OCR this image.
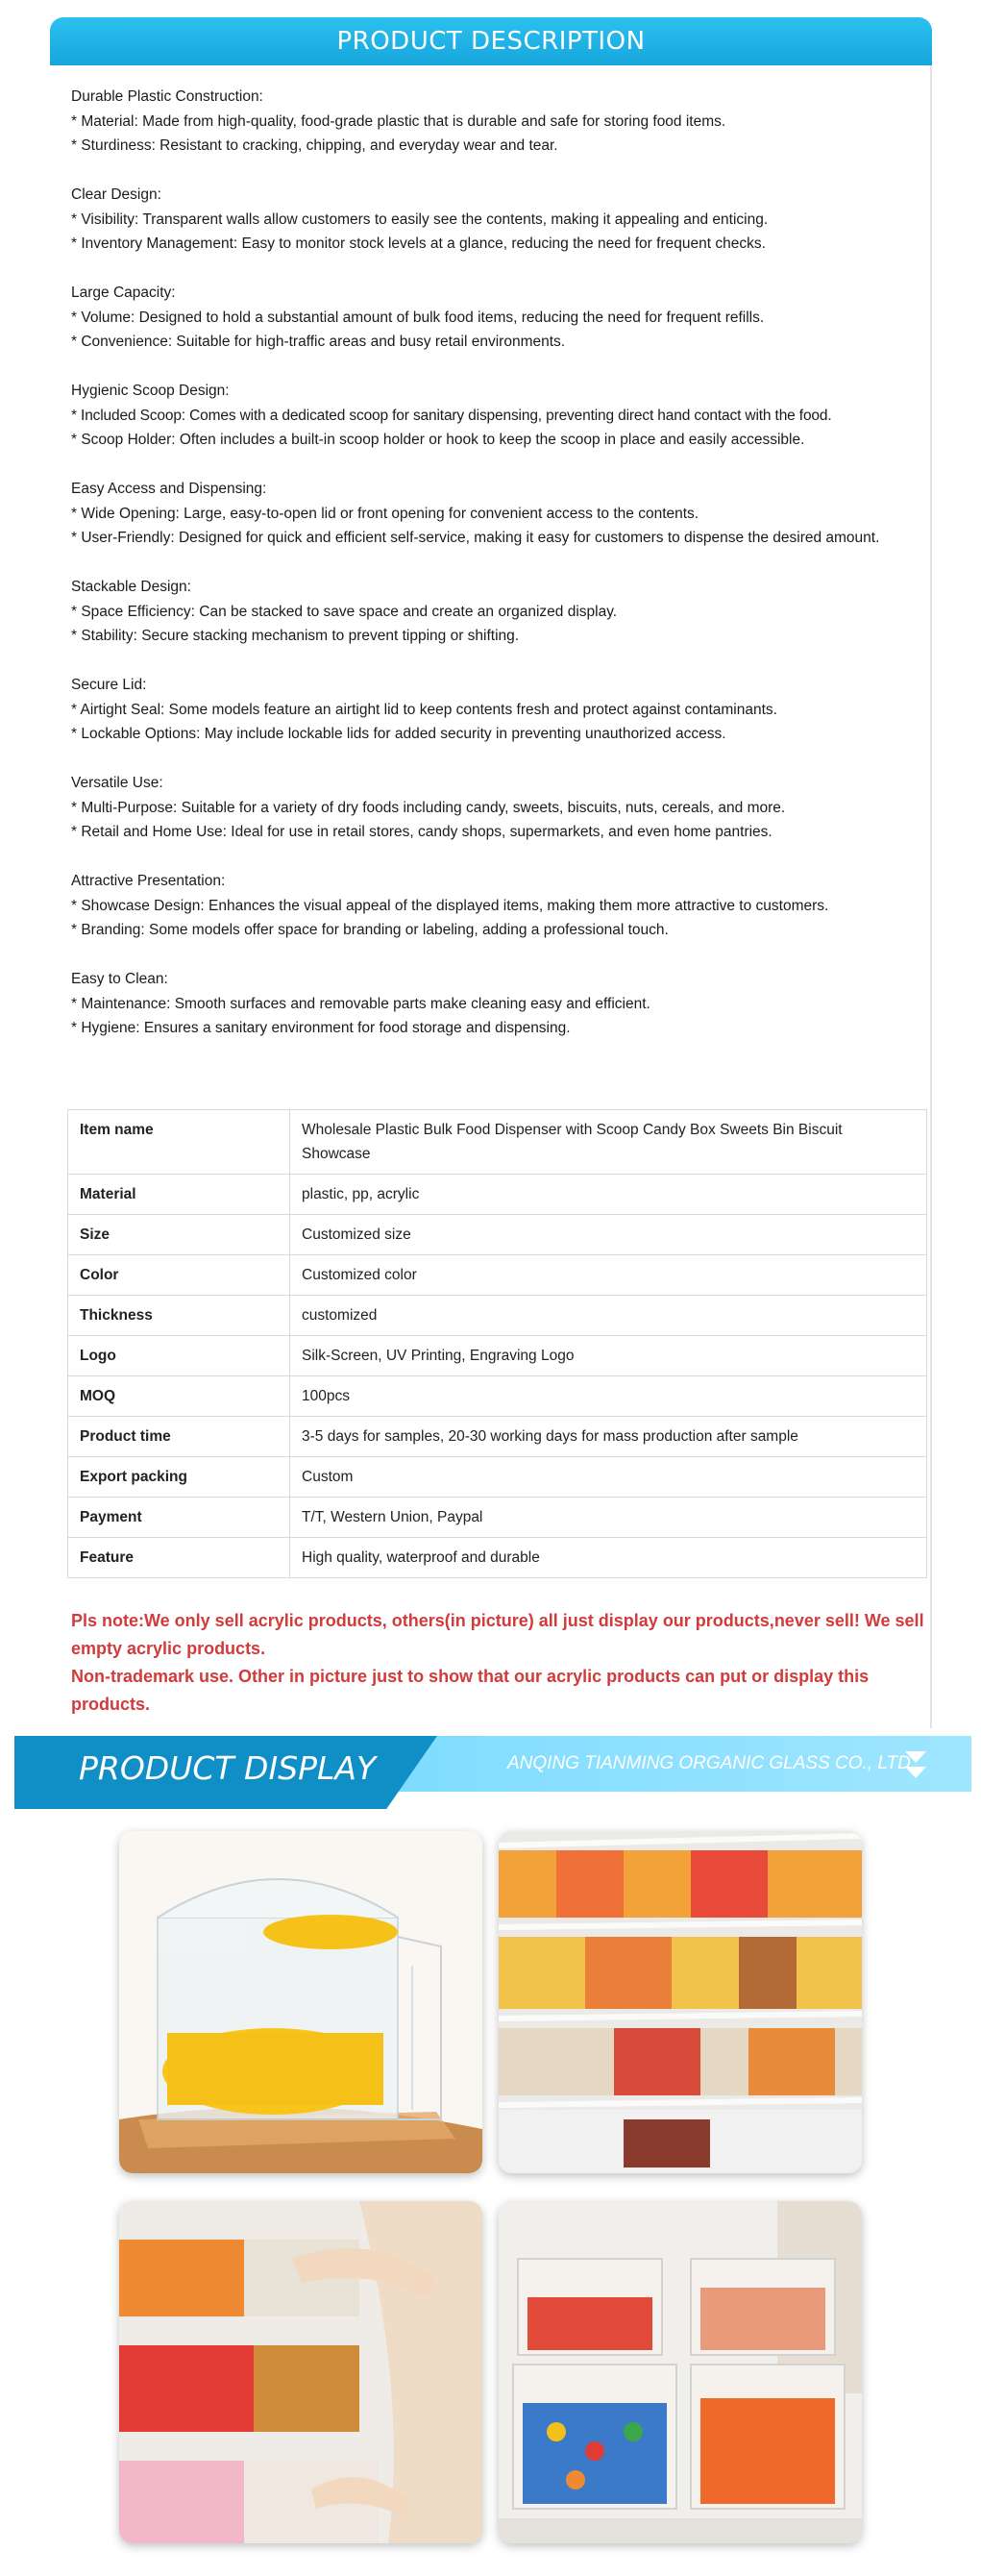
PRODUCT DESCRIPTION

Durable Plastic Construction:

* Material: Made from high-quality, food-grade plastic that is durable and safe for storing food items.

* Sturdiness: Resistant to cracking, chipping, and everyday wear and tear.

Clear Design:

* Visibility: Transparent walls allow customers to easily see the contents, making it appealing and enticing.

* Inventory Management: Easy to monitor stock levels at a glance, reducing the need for frequent checks.

Large Capacity:

* Volume: Designed to hold a substantial amount of bulk food items, reducing the need for frequent refills.

* Convenience: Suitable for high-traffic areas and busy retail environments.

Hygienic Scoop Design:

* Included Scoop: Comes with a dedicated scoop for sanitary dispensing, preventing direct hand contact with the food.

* Scoop Holder: Often includes a built-in scoop holder or hook to keep the scoop in place and easily accessible.

Easy Access and Dispensing:

* Wide Opening: Large, easy-to-open lid or front opening for convenient access to the contents.

* User-Friendly: Designed for quick and efficient self-service, making it easy for customers to dispense the desired amount.

Stackable Design:

* Space Efficiency: Can be stacked to save space and create an organized display.

* Stability: Secure stacking mechanism to prevent tipping or shifting.

Secure Lid:

* Airtight Seal: Some models feature an airtight lid to keep contents fresh and protect against contaminants.

* Lockable Options: May include lockable lids for added security in preventing unauthorized access.

Versatile Use:

* Multi-Purpose: Suitable for a variety of dry foods including candy, sweets, biscuits, nuts, cereals, and more.

* Retail and Home Use: Ideal for use in retail stores, candy shops, supermarkets, and even home pantries.

Attractive Presentation:

* Showcase Design: Enhances the visual appeal of the displayed items, making them more attractive to customers.

* Branding: Some models offer space for branding or labeling, adding a professional touch.

Easy to Clean:

* Maintenance: Smooth surfaces and removable parts make cleaning easy and efficient.

* Hygiene: Ensures a sanitary environment for food storage and dispensing.

Item name	Wholesale Plastic Bulk Food Dispenser with Scoop Candy Box Sweets Bin Biscuit Showcase
Material	plastic, pp, acrylic
Size	Customized size
Color	Customized color
Thickness	customized
Logo	Silk-Screen, UV Printing, Engraving Logo
MOQ	100pcs
Product time	3-5 days for samples, 20-30 working days for mass production after sample
Export packing	Custom
Payment	T/T, Western Union, Paypal
Feature	High quality, waterproof and durable

Pls note:We only sell acrylic products, others(in picture) all just display our products,never sell! We sell empty acrylic products.

Non-trademark use. Other in picture just to show that our acrylic products can put or display this products.

PRODUCT DISPLAY	ANQING TIANMING ORGANIC GLASS CO., LTD.
